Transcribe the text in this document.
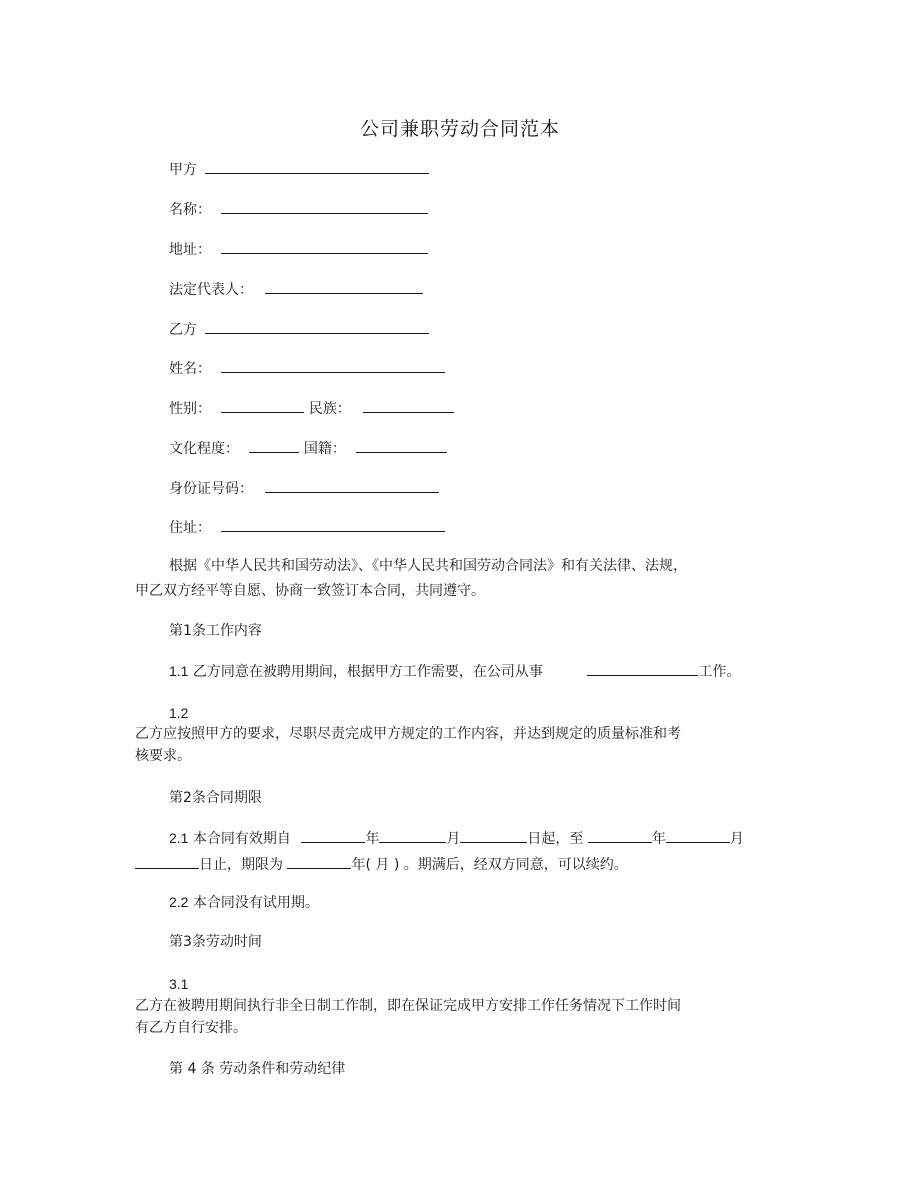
公司兼职劳动合同范本
甲方
名称：
地址：
法定代表人：
乙方
姓名：
性别：	民族：
文化程度：	国籍：
身份证号码：
住址：
根据《中华人民共和国劳动法》、《中华人民共和国劳动合同法》和有关法律、法规，
甲乙双方经平等自愿、协商一致签订本合同，共同遵守。
第1条工作内容
1.1 乙方同意在被聘用期间，根据甲方工作需要，在公司从事	工作。
1.2
乙方应按照甲方的要求，尽职尽责完成甲方规定的工作内容，并达到规定的质量标准和考
核要求。
第2条合同期限
2.1 本合同有效期自	年	月	日起，至	年	月
日止，期限为	年( 月 ) 。期满后，经双方同意，可以续约。
2.2 本合同没有试用期。
第3条劳动时间
3.1
乙方在被聘用期间执行非全日制工作制，即在保证完成甲方安排工作任务情况下工作时间
有乙方自行安排。
第 4 条 劳动条件和劳动纪律
